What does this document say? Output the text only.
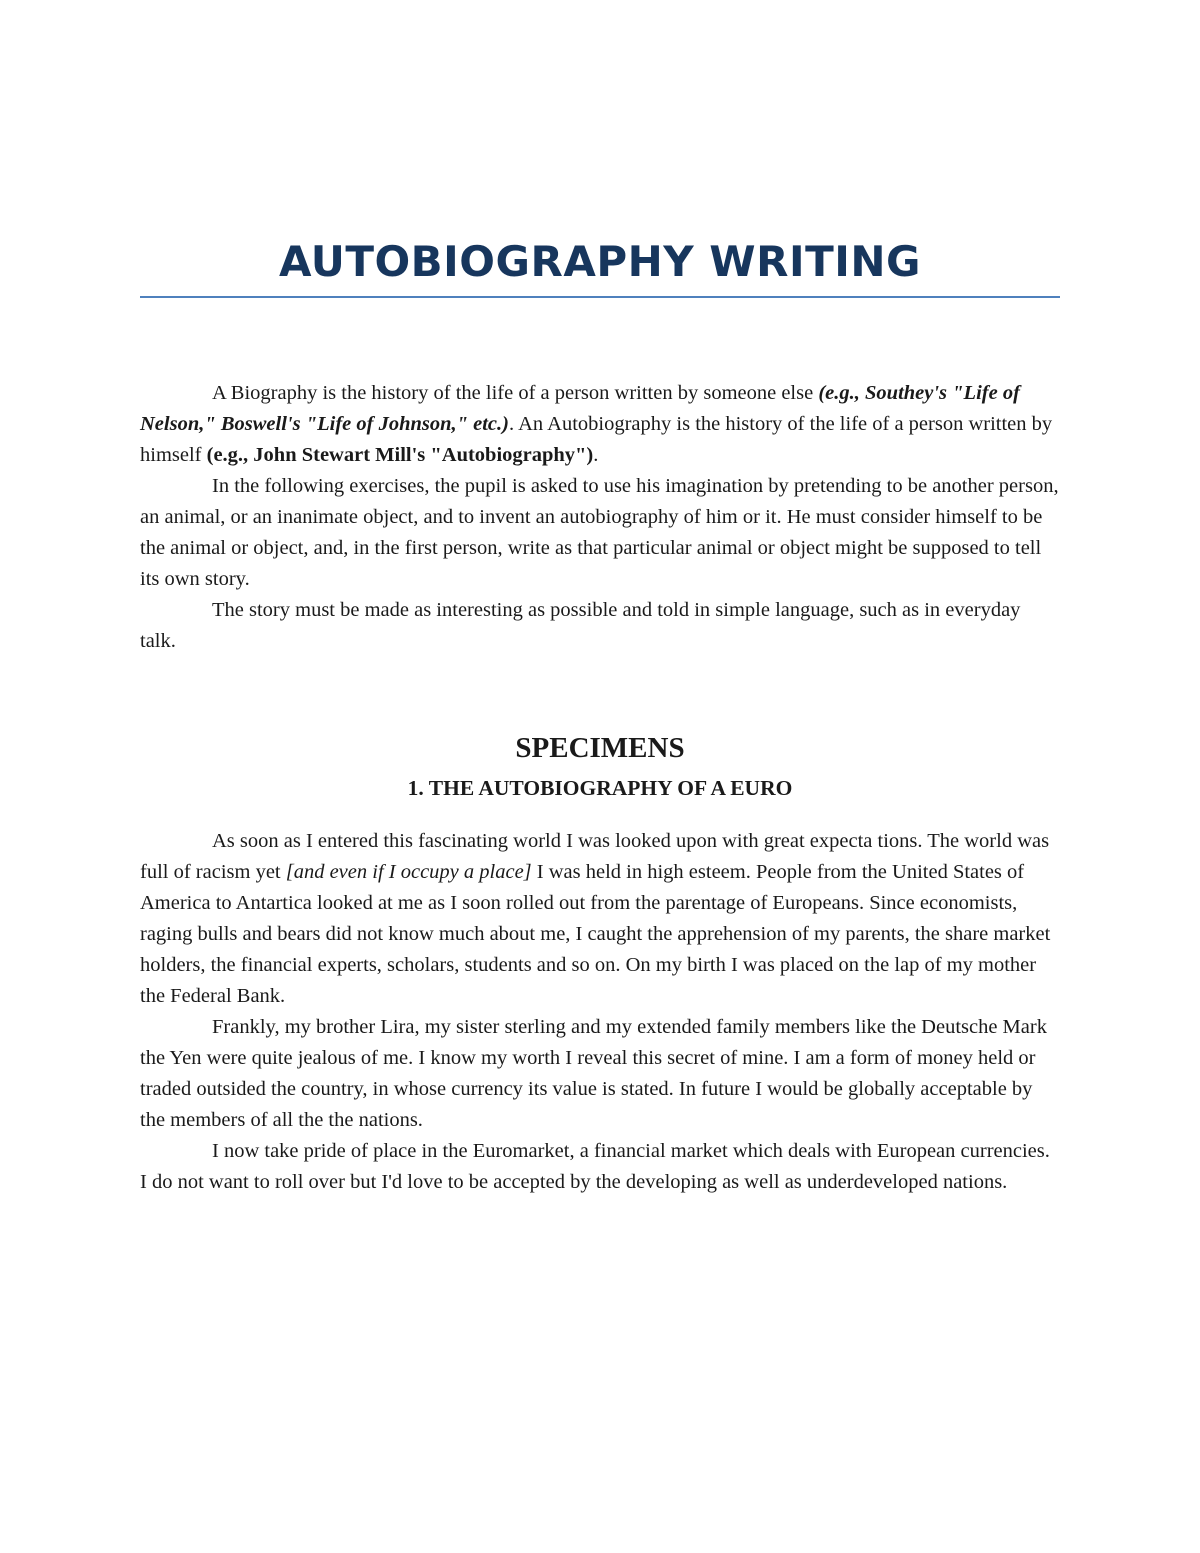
AUTOBIOGRAPHY WRITING

A Biography is the history of the life of a person written by someone else (e.g., Southey's "Life of Nelson," Boswell's "Life of Johnson," etc.). An Autobiography is the history of the life of a person written by himself (e.g., John Stewart Mill's "Autobiography").

In the following exercises, the pupil is asked to use his imagination by pretending to be another person, an animal, or an inanimate object, and to invent an autobiography of him or it. He must consider himself to be the animal or object, and, in the first person, write as that particular animal or object might be supposed to tell its own story.

The story must be made as interesting as possible and told in simple language, such as in everyday talk.

SPECIMENS
1. THE AUTOBIOGRAPHY OF A EURO

As soon as I entered this fascinating world I was looked upon with great expecta tions. The world was full of racism yet [and even if I occupy a place] I was held in high esteem. People from the United States of America to Antartica looked at me as I soon rolled out from the parentage of Europeans. Since economists, raging bulls and bears did not know much about me, I caught the apprehension of my parents, the share market holders, the financial experts, scholars, students and so on. On my birth I was placed on the lap of my mother the Federal Bank.

Frankly, my brother Lira, my sister sterling and my extended family members like the Deutsche Mark the Yen were quite jealous of me. I know my worth I reveal this secret of mine. I am a form of money held or traded outsided the country, in whose currency its value is stated. In future I would be globally acceptable by the members of all the the nations.

I now take pride of place in the Euromarket, a financial market which deals with European currencies. I do not want to roll over but I'd love to be accepted by the developing as well as underdeveloped nations.
